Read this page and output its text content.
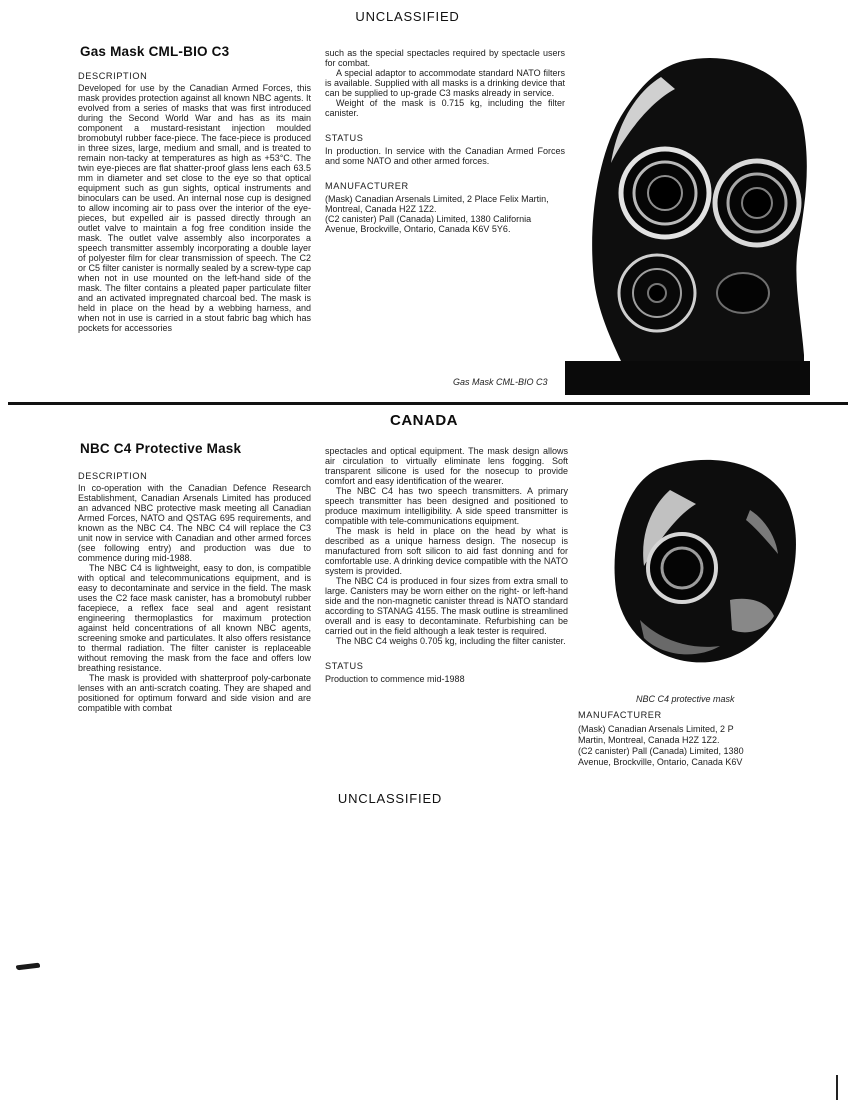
UNCLASSIFIED
Gas Mask CML-BIO C3
DESCRIPTION

Developed for use by the Canadian Armed Forces, this mask provides protection against all known NBC agents. It evolved from a series of masks that was first introduced during the Second World War and has as its main component a mustard-resistant injection moulded bromobutyl rubber face-piece. The face-piece is produced in three sizes, large, medium and small, and is treated to remain non-tacky at temperatures as high as +53°C. The twin eye-pieces are flat shatter-proof glass lens each 63.5 mm in diameter and set close to the eye so that optical equipment such as gun sights, optical instruments and binoculars can be used. An internal nose cup is designed to allow incoming air to pass over the interior of the eye-pieces, but expelled air is passed directly through an outlet valve to maintain a fog free condition inside the mask. The outlet valve assembly also incorporates a speech transmitter assembly incorporating a double layer of polyester film for clear transmission of speech. The C2 or C5 filter canister is normally sealed by a screw-type cap when not in use mounted on the left-hand side of the mask. The filter contains a pleated paper particulate filter and an activated impregnated charcoal bed. The mask is held in place on the head by a webbing harness, and when not in use is carried in a stout fabric bag which has pockets for accessories

such as the special spectacles required by spectacle users for combat.

A special adaptor to accommodate standard NATO filters is available. Supplied with all masks is a drinking device that can be supplied to up-grade C3 masks already in service.

Weight of the mask is 0.715 kg, including the filter canister.

STATUS

In production. In service with the Canadian Armed Forces and some NATO and other armed forces.

MANUFACTURER

(Mask) Canadian Arsenals Limited, 2 Place Felix Martin, Montreal, Canada H2Z 1Z2.

(C2 canister) Pall (Canada) Limited, 1380 California Avenue, Brockville, Ontario, Canada K6V 5Y6.

Gas Mask CML-BIO C3
CANADA
NBC C4 Protective Mask
DESCRIPTION

In co-operation with the Canadian Defence Research Establishment, Canadian Arsenals Limited has produced an advanced NBC protective mask meeting all Canadian Armed Forces, NATO and QSTAG 695 requirements, and known as the NBC C4. The NBC C4 will replace the C3 unit now in service with Canadian and other armed forces (see following entry) and production was due to commence during mid-1988.

The NBC C4 is lightweight, easy to don, is compatible with optical and telecommunications equipment, and is easy to decontaminate and service in the field. The mask uses the C2 face mask canister, has a bromobutyl rubber facepiece, a reflex face seal and agent resistant engineering thermoplastics for maximum protection against held concentrations of all known NBC agents, screening smoke and particulates. It also offers resistance to thermal radiation. The filter canister is replaceable without removing the mask from the face and offers low breathing resistance.

The mask is provided with shatterproof poly-carbonate lenses with an anti-scratch coating. They are shaped and positioned for optimum forward and side vision and are compatible with combat

spectacles and optical equipment. The mask design allows air circulation to virtually eliminate lens fogging. Soft transparent silicone is used for the nosecup to provide comfort and easy identification of the wearer.

The NBC C4 has two speech transmitters. A primary speech transmitter has been designed and positioned to produce maximum intelligibility. A side speed transmitter is compatible with tele-communications equipment.

The mask is held in place on the head by what is described as a unique harness design. The nosecup is manufactured from soft silicon to aid fast donning and for comfortable use. A drinking device compatible with the NATO system is provided.

The NBC C4 is produced in four sizes from extra small to large. Canisters may be worn either on the right- or left-hand side and the non-magnetic canister thread is NATO standard according to STANAG 4155. The mask outline is streamlined overall and is easy to decontaminate. Refurbishing can be carried out in the field although a leak tester is required.

The NBC C4 weighs 0.705 kg, including the filter canister.

STATUS

Production to commence mid-1988

NBC C4 protective mask
MANUFACTURER
(Mask) Canadian Arsenals Limited, 2 P
Martin, Montreal, Canada H2Z 1Z2.
(C2 canister) Pall (Canada) Limited, 1380
Avenue, Brockville, Ontario, Canada K6V
UNCLASSIFIED
